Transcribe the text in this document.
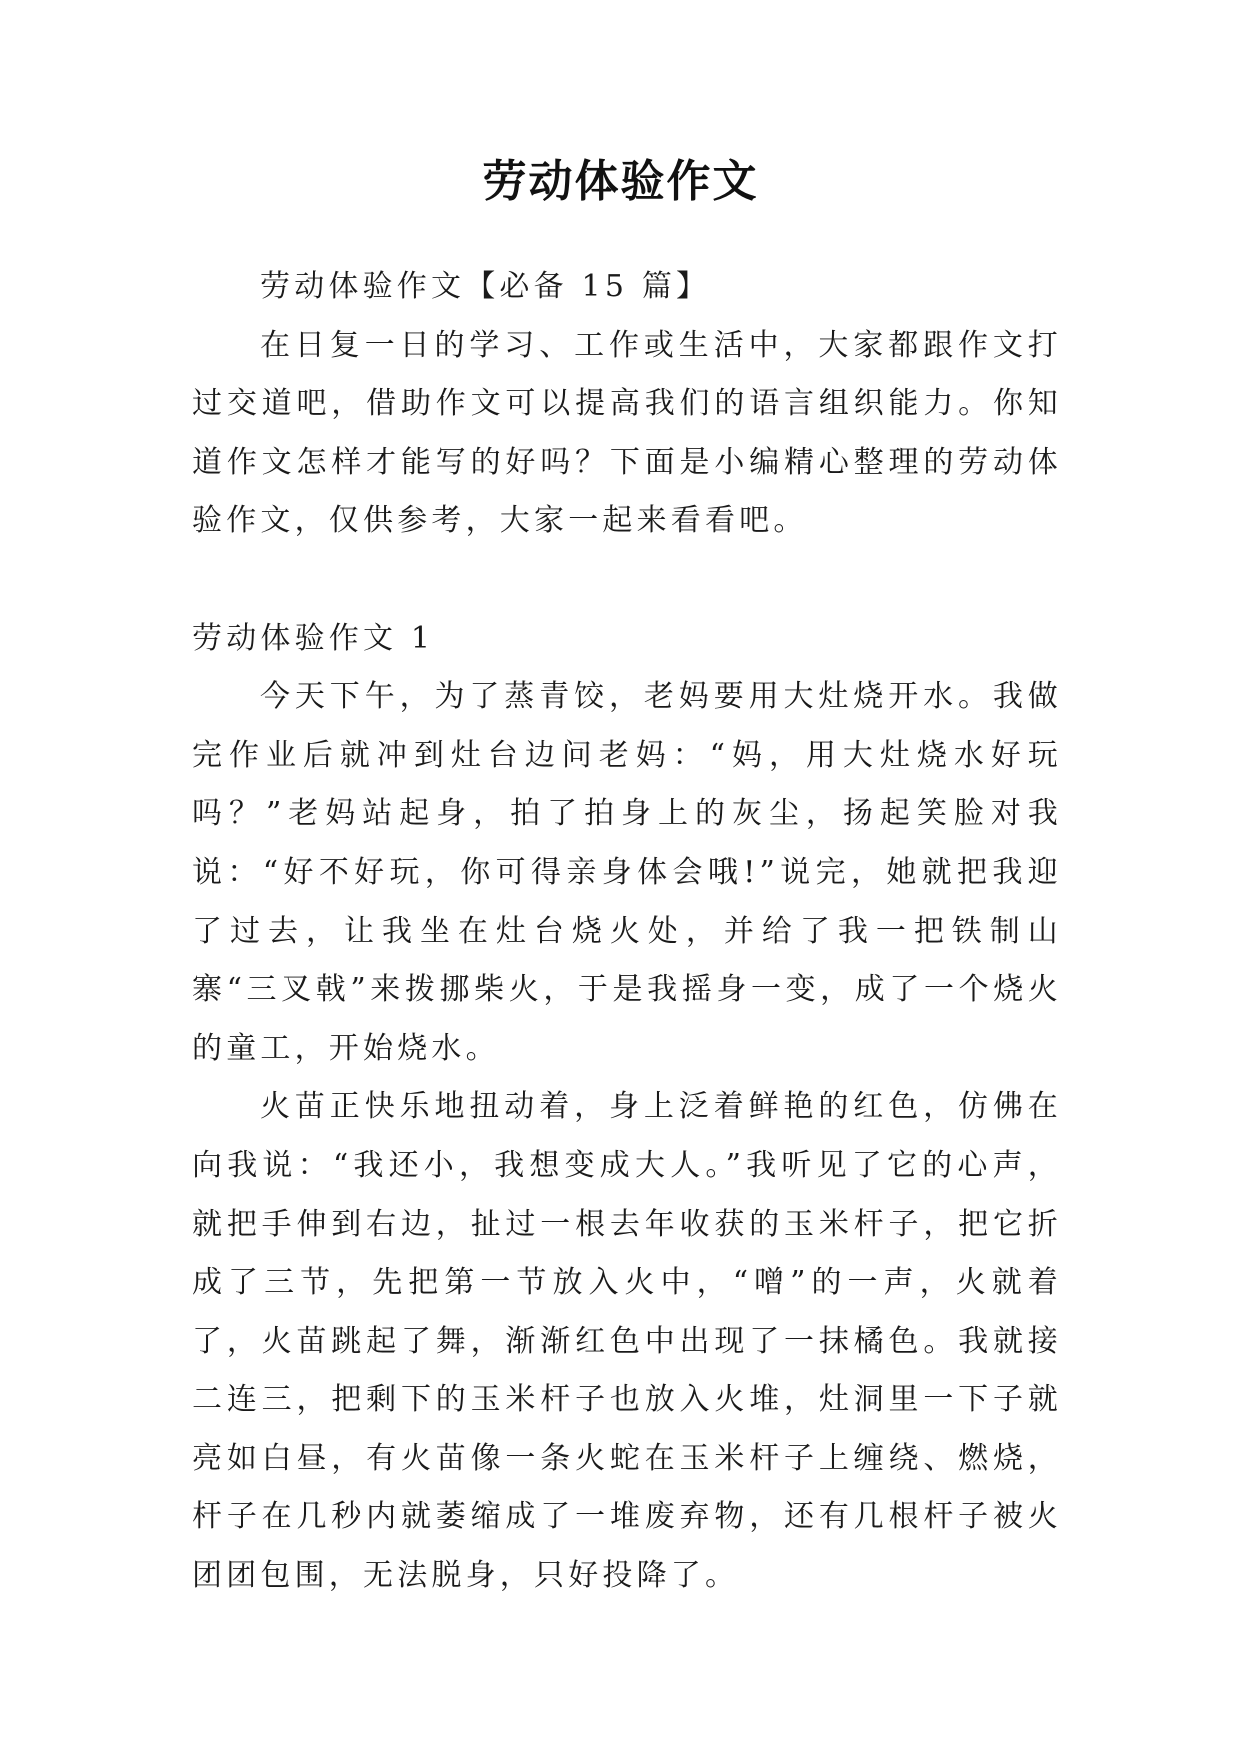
劳动体验作文

劳动体验作文【必备 15 篇】

在日复一日的学习、工作或生活中，大家都跟作文打过交道吧，借助作文可以提高我们的语言组织能力。你知道作文怎样才能写的好吗？下面是小编精心整理的劳动体验作文，仅供参考，大家一起来看看吧。

劳动体验作文 1

今天下午，为了蒸青饺，老妈要用大灶烧开水。我做完作业后就冲到灶台边问老妈：“妈，用大灶烧水好玩吗？”老妈站起身，拍了拍身上的灰尘，扬起笑脸对我说：“好不好玩，你可得亲身体会哦!”说完，她就把我迎了过去，让我坐在灶台烧火处，并给了我一把铁制山寨“三叉戟”来拨挪柴火，于是我摇身一变，成了一个烧火的童工，开始烧水。

火苗正快乐地扭动着，身上泛着鲜艳的红色，仿佛在向我说：“我还小，我想变成大人。”我听见了它的心声，就把手伸到右边，扯过一根去年收获的玉米杆子，把它折成了三节，先把第一节放入火中，“噌”的一声，火就着了，火苗跳起了舞，渐渐红色中出现了一抹橘色。我就接二连三，把剩下的玉米杆子也放入火堆，灶洞里一下子就亮如白昼，有火苗像一条火蛇在玉米杆子上缠绕、燃烧，杆子在几秒内就萎缩成了一堆废弃物，还有几根杆子被火团团包围，无法脱身，只好投降了。
